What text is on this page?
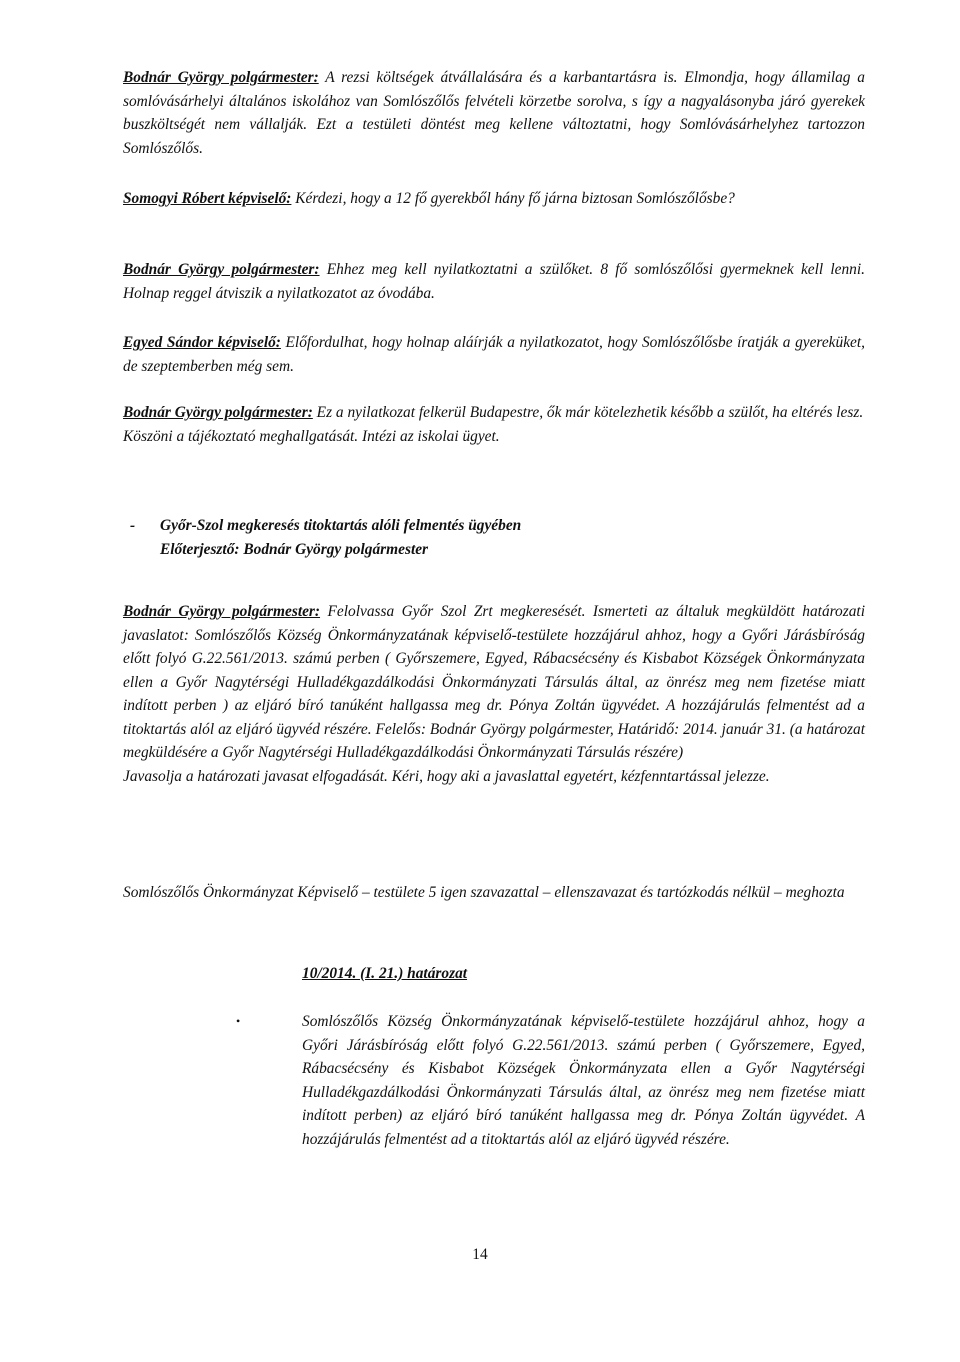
Bodnár György polgármester: A rezsi költségek átvállalására és a karbantartásra is. Elmondja, hogy államilag a somlóvásárhelyi általános iskolához van Somlószőlős felvételi körzetbe sorolva, s így a nagyalásonyba járó gyerekek buszköltségét nem vállalják. Ezt a testületi döntést meg kellene változtatni, hogy Somlóvásárhelyhez tartozzon Somlószőlős.

Somogyi Róbert képviselő: Kérdezi, hogy a 12 fő gyerekből hány fő járna biztosan Somlószőlősbe?

Bodnár György polgármester: Ehhez meg kell nyilatkoztatni a szülőket. 8 fő somlószőlősi gyermeknek kell lenni. Holnap reggel átviszik a nyilatkozatot az óvodába.

Egyed Sándor képviselő: Előfordulhat, hogy holnap aláírják a nyilatkozatot, hogy Somlószőlősbe íratják a gyereküket, de szeptemberben még sem.

Bodnár György polgármester: Ez a nyilatkozat felkerül Budapestre, ők már kötelezhetik később a szülőt, ha eltérés lesz.
Köszöni a tájékoztató meghallgatását. Intézi az iskolai ügyet.

- Győr-Szol megkeresés titoktartás alóli felmentés ügyében
Előterjesztő: Bodnár György polgármester

Bodnár György polgármester: Felolvassa Győr Szol Zrt megkeresését. Ismerteti az általuk megküldött határozati javaslatot: Somlószőlős Község Önkormányzatának képviselő-testülete hozzájárul ahhoz, hogy a Győri Járásbíróság előtt folyó G.22.561/2013. számú perben ( Győrszemere, Egyed, Rábacsécsény és Kisbabot Községek Önkormányzata ellen a Győr Nagytérségi Hulladékgazdálkodási Önkormányzati Társulás által, az önrész meg nem fizetése miatt indított perben ) az eljáró bíró tanúként hallgassa meg dr. Pónya Zoltán ügyvédet. A hozzájárulás felmentést ad a titoktartás alól az eljáró ügyvéd részére. Felelős: Bodnár György polgármester, Határidő: 2014. január 31. (a határozat megküldésére a Győr Nagytérségi Hulladékgazdálkodási Önkormányzati Társulás részére)
Javasolja a határozati javasat elfogadását. Kéri, hogy aki a javaslattal egyetért, kézfenntartással jelezze.

Somlószőlős Önkormányzat Képviselő – testülete 5 igen szavazattal – ellenszavazat és tartózkodás nélkül – meghozta

10/2014. (I. 21.) határozat
•	Somlószőlős Község Önkormányzatának képviselő-testülete hozzájárul ahhoz, hogy a Győri Járásbíróság előtt folyó G.22.561/2013. számú perben ( Győrszemere, Egyed, Rábacsécsény és Kisbabot Községek Önkormányzata ellen a Győr Nagytérségi Hulladékgazdálkodási Önkormányzati Társulás által, az önrész meg nem fizetése miatt indított perben) az eljáró bíró tanúként hallgassa meg dr. Pónya Zoltán ügyvédet. A hozzájárulás felmentést ad a titoktartás alól az eljáró ügyvéd részére.

14
